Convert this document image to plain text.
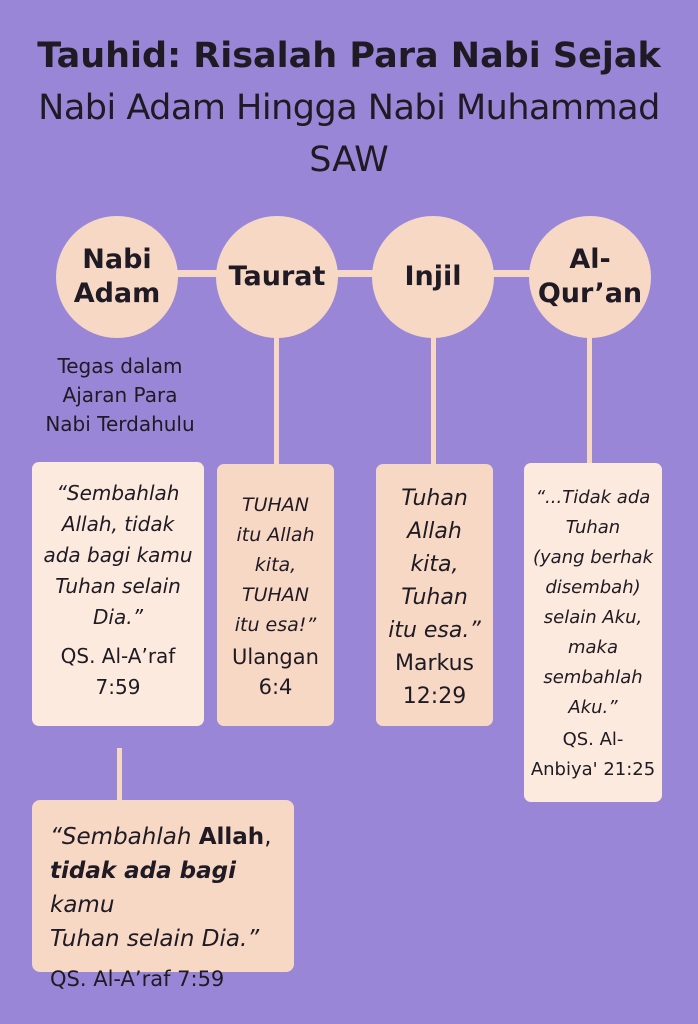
Tauhid: Risalah Para Nabi Sejak
Nabi Adam Hingga Nabi Muhammad
SAW
Nabi
Adam
Taurat	Injil
Al-
Qur’an
Tegas dalam
Ajaran Para
Nabi Terdahulu
“Sembahlah
Allah, tidak
ada bagi kamu
Tuhan selain
Dia.”
QS. Al-A’raf
7:59
TUHAN
itu Allah
kita,
TUHAN
itu esa!”
Ulangan
6:4
Tuhan
Allah
kita,
Tuhan
itu esa.”
Markus
12:29
“...Tidak ada
Tuhan
(yang berhak
disembah)
selain Aku,
maka
sembahlah
Aku.”
QS. Al-
Anbiya' 21:25
“Sembahlah Allah,
tidak ada bagi kamu
Tuhan selain Dia.”
QS. Al-A’raf 7:59
